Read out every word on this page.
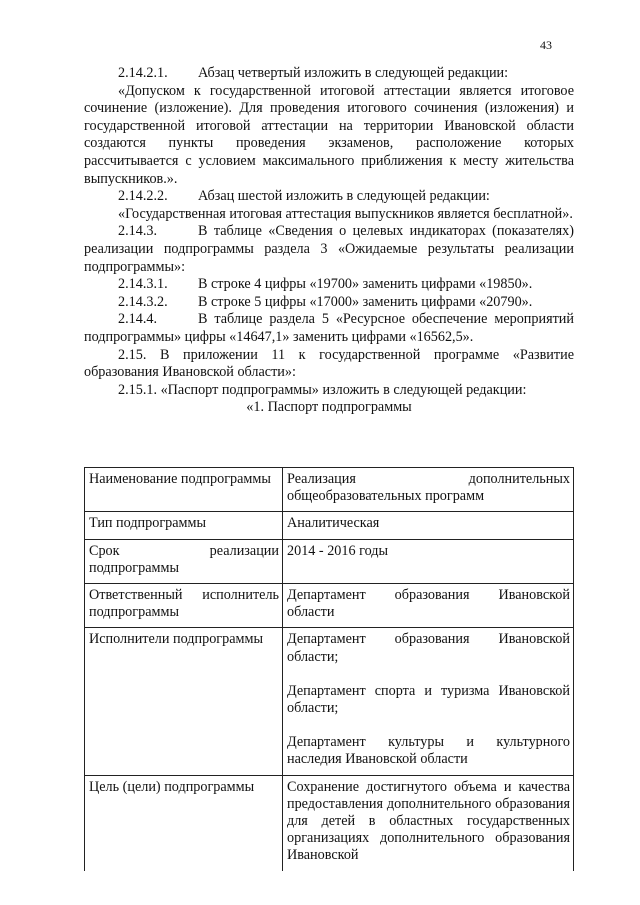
43

2.14.2.1. Абзац четвертый изложить в следующей редакции:

«Допуском к государственной итоговой аттестации является итоговое сочинение (изложение). Для проведения итогового сочинения (изложения) и государственной итоговой аттестации на территории Ивановской области создаются пункты проведения экзаменов, расположение которых рассчитывается с условием максимального приближения к месту жительства выпускников.».

2.14.2.2. Абзац шестой изложить в следующей редакции:

«Государственная итоговая аттестация выпускников является бесплатной».

2.14.3.	В таблице «Сведения о целевых индикаторах (показателях) реализации подпрограммы раздела 3 «Ожидаемые результаты реализации подпрограммы»:

2.14.3.1. В строке 4 цифры «19700» заменить цифрами «19850».

2.14.3.2. В строке 5 цифры «17000» заменить цифрами «20790».

2.14.4.	В таблице раздела 5 «Ресурсное обеспечение мероприятий подпрограммы» цифры «14647,1» заменить цифрами «16562,5».

2.15. В приложении 11 к государственной программе «Развитие образования Ивановской области»:

2.15.1. «Паспорт подпрограммы» изложить в следующей редакции:

«1. Паспорт подпрограммы

Наименование подпрограммы	Реализация дополнительных общеобразовательных программ

Тип подпрограммы	Аналитическая

Срок реализации подпрограммы	2014 - 2016 годы

Ответственный исполнитель подпрограммы	Департамент образования Ивановской области

Исполнители подпрограммы	Департамент образования Ивановской области;

Департамент спорта и туризма Ивановской области;

Департамент культуры и культурного наследия Ивановской области

Цель (цели) подпрограммы	Сохранение достигнутого объема и качества предоставления дополнительного образования для детей в областных государственных организациях дополнительного образования Ивановской
